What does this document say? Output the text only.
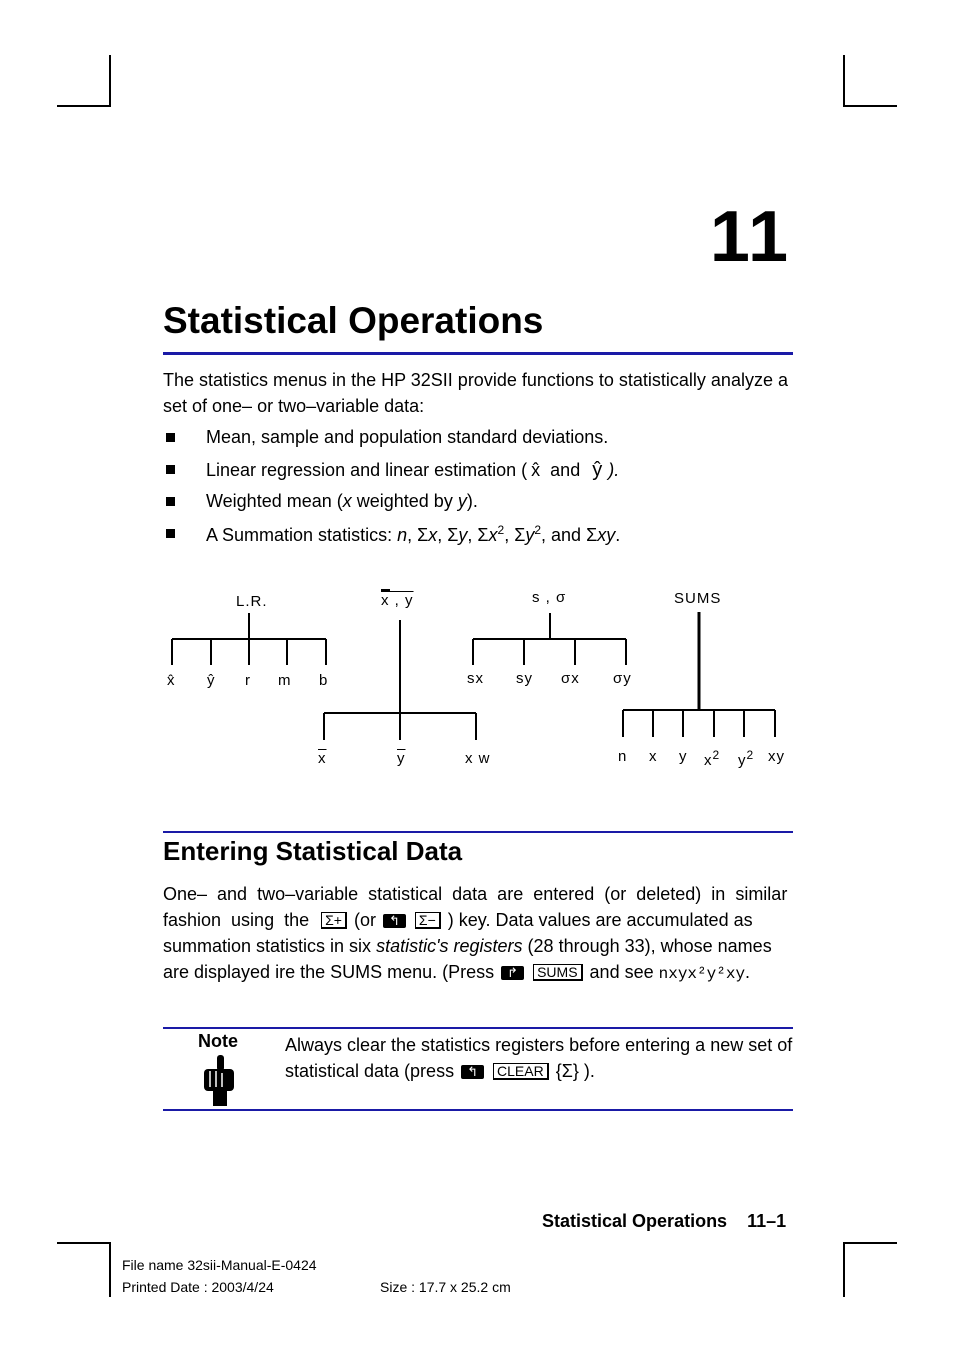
11
Statistical Operations
The statistics menus in the HP 32SII provide functions to statistically analyze a
set of one– or two–variable data:
Mean, sample and population standard deviations.
Linear regression and linear estimation ( x̂ and ŷ ).
Weighted mean (x weighted by y).
A Summation statistics: n, Σx, Σy, $\Sigma x^2$, $\Sigma y^2$, and Σxy.
L.R.	x , y	s , σ	SUMS
x̂ ŷ r m b
$\overline{x}$	$\overline{y}$	x w
sx sy σx σy
n x y $x^2$ $y^2$ xy
Entering Statistical Data
One–  and  two–variable  statistical  data  are  entered  (or  deleted)  in  similar
fashion  using  the Σ+ (or ↰ Σ− ) key. Data values are accumulated as
summation statistics in six statistic's registers (28 through 33), whose names
are displayed ire the SUMS menu. (Press ↱ SUMS and see nxyx²y²xy.
Note	Always clear the statistics registers before entering a new set of
statistical data (press ↰ CLEAR {Σ} ).

Statistical Operations 11–1

File name 32sii-Manual-E-0424
Printed Date : 2003/4/24	Size : 17.7 x 25.2 cm
